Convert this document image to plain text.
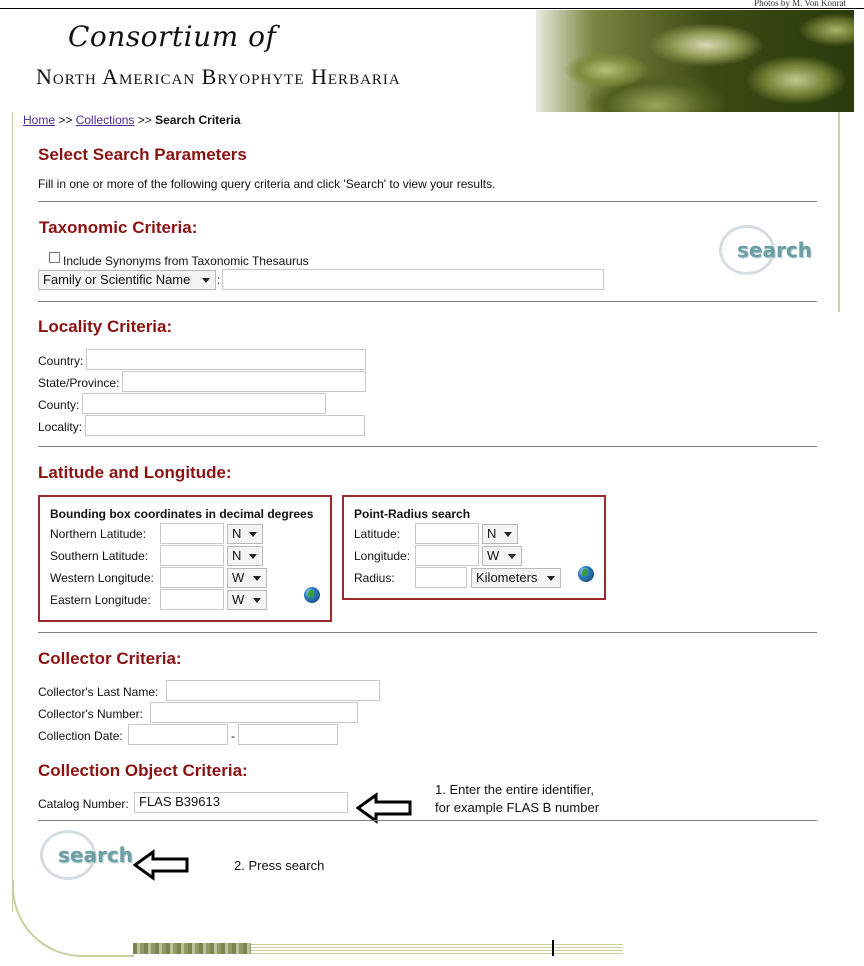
Photos by M. Von Konrat
Consortium of
North American Bryophyte Herbaria
Home >> Collections >> Search Criteria
Select Search Parameters
Fill in one or more of the following query criteria and click 'Search' to view your results.
Taxonomic Criteria:
Include Synonyms from Taxonomic Thesaurus
Family or Scientific Name	:
search
Locality Criteria:
Country:
State/Province:
County:
Locality:
Latitude and Longitude:
Bounding box coordinates in decimal degrees
Northern Latitude:	N
Southern Latitude:	N
Western Longitude:	W
Eastern Longitude:	W
Point-Radius search
Latitude:	N
Longitude:	W
Radius:	Kilometers
Collector Criteria:
Collector's Last Name:
Collector's Number:
Collection Date:	-
Collection Object Criteria:
Catalog Number: FLAS B39613
1. Enter the entire identifier,
for example FLAS B number
search	2. Press search
